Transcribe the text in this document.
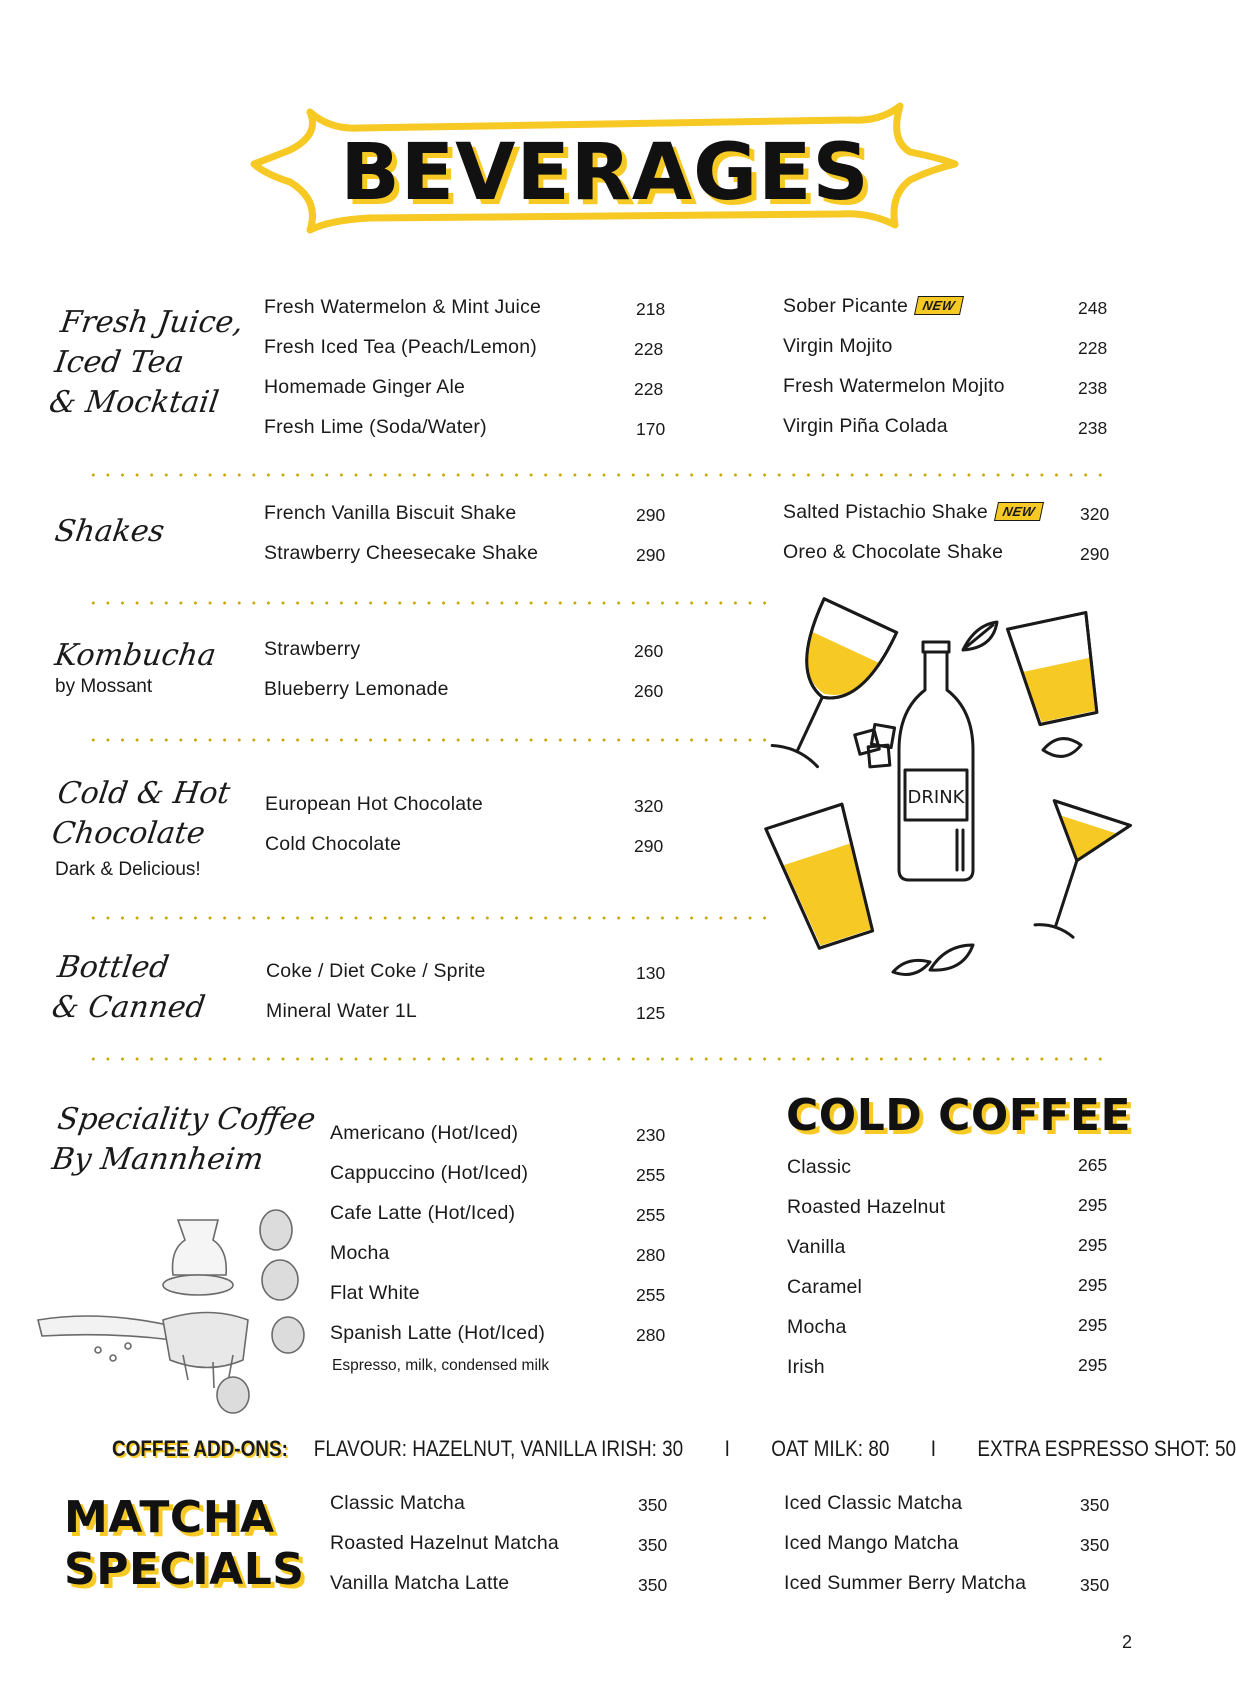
BEVERAGES
Fresh Juice,
Iced Tea
& Mocktail
Fresh Watermelon & Mint Juice	218
Fresh Iced Tea (Peach/Lemon)	228
Homemade Ginger Ale	228
Fresh Lime (Soda/Water)	170
Sober Picante NEW	248
Virgin Mojito	228
Fresh Watermelon Mojito	238
Virgin Piña Colada	238
Shakes
French Vanilla Biscuit Shake	290
Strawberry Cheesecake Shake	290
Salted Pistachio Shake NEW	320
Oreo & Chocolate Shake	290
Kombucha
by Mossant
Strawberry	260
Blueberry Lemonade	260
Cold & Hot
Chocolate
Dark & Delicious!
European Hot Chocolate	320
Cold Chocolate	290
Bottled
& Canned
Coke / Diet Coke / Sprite	130
Mineral Water 1L	125
DRINK
Speciality Coffee
By Mannheim
Americano (Hot/Iced)	230
Cappuccino (Hot/Iced)	255
Cafe Latte (Hot/Iced)	255
Mocha	280
Flat White	255
Spanish Latte (Hot/Iced)	280
Espresso, milk, condensed milk
COLD COFFEE
Classic	265
Roasted Hazelnut	295
Vanilla	295
Caramel	295
Mocha	295
Irish	295
COFFEE ADD-ONS: FLAVOUR: HAZELNUT, VANILLA IRISH: 30 I OAT MILK: 80 I EXTRA ESPRESSO SHOT: 50
MATCHA
SPECIALS
Classic Matcha	350
Roasted Hazelnut Matcha	350
Vanilla Matcha Latte	350
Iced Classic Matcha	350
Iced Mango Matcha	350
Iced Summer Berry Matcha	350
2
